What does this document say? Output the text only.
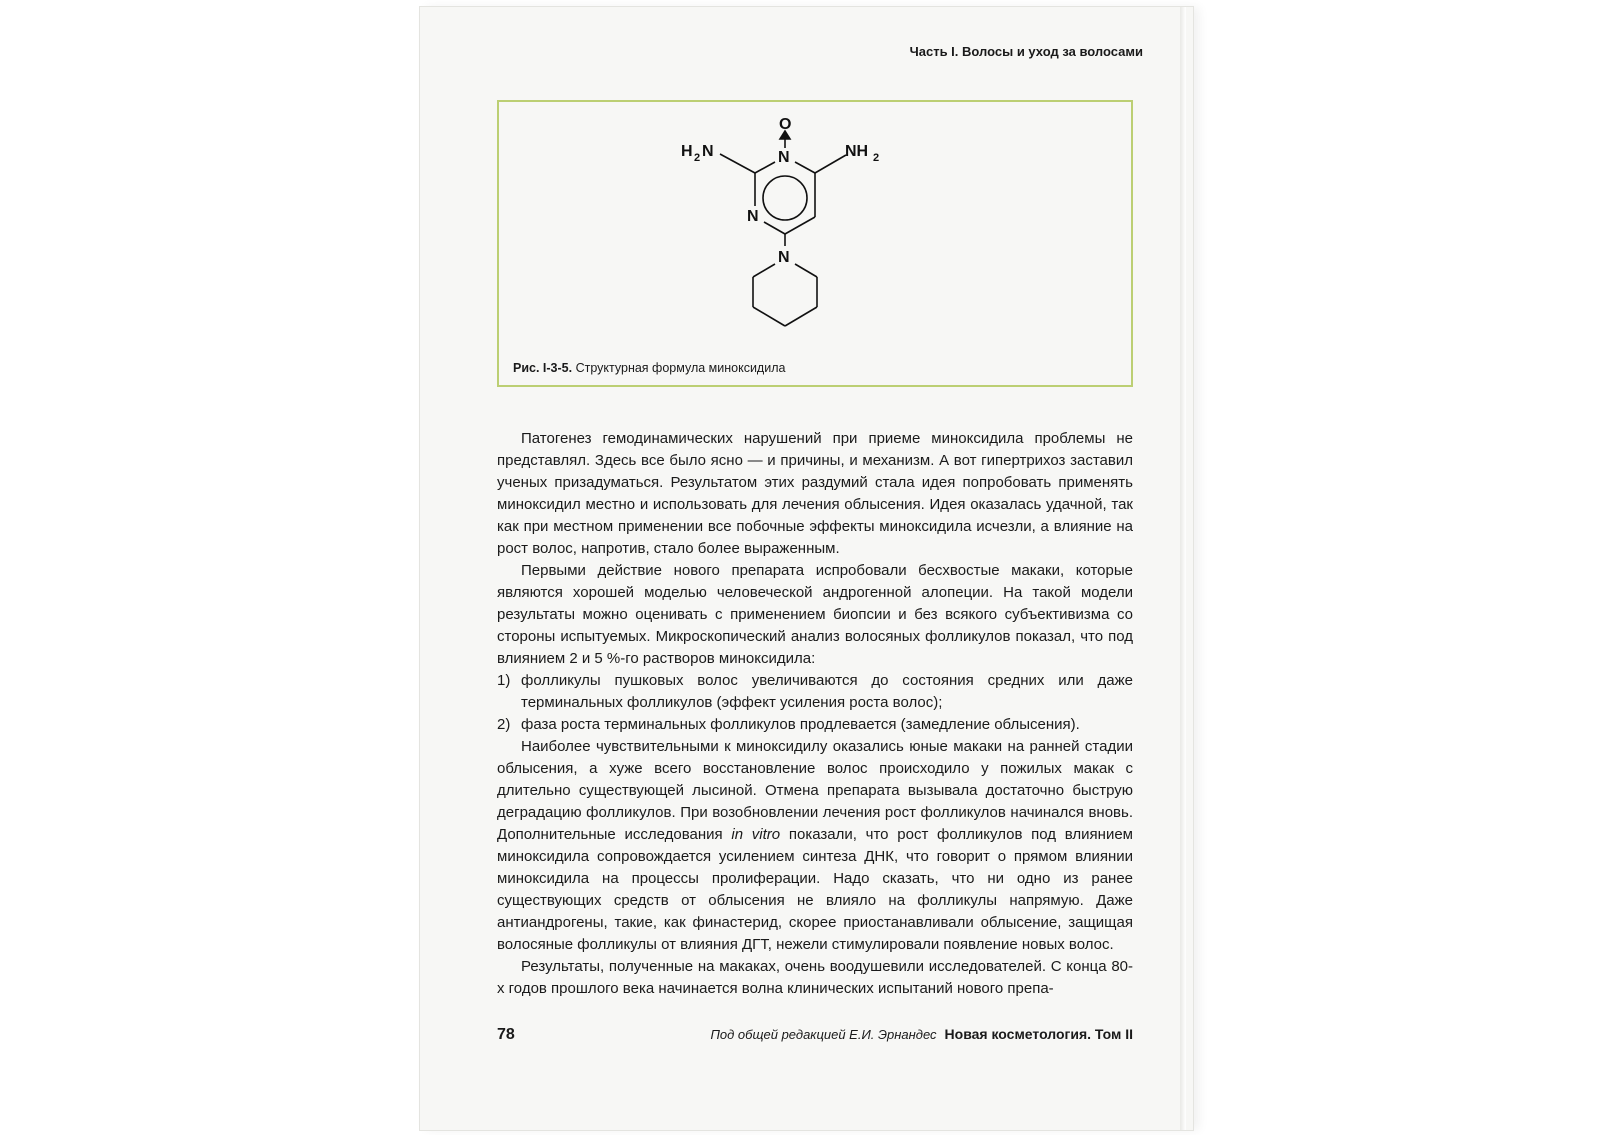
Часть I. Волосы и уход за волосами
O
N
N
N
H 2 N	NH 2
Рис. I-3-5. Структурная формула миноксидила

Патогенез гемодинамических нарушений при приеме миноксидила проблемы не представлял. Здесь все было ясно — и причины, и механизм. А вот гипертрихоз заставил ученых призадуматься. Результатом этих раздумий стала идея попробовать применять миноксидил местно и использовать для лечения облысения. Идея оказалась удачной, так как при местном применении все побочные эффекты миноксидила исчезли, а влияние на рост волос, напротив, стало более выраженным.

Первыми действие нового препарата испробовали бесхвостые макаки, которые являются хорошей моделью человеческой андрогенной алопеции. На такой модели результаты можно оценивать с применением биопсии и без всякого субъективизма со стороны испытуемых. Микроскопический анализ волосяных фолликулов показал, что под влиянием 2 и 5 %-го растворов миноксидила:

1) фолликулы пушковых волос увеличиваются до состояния средних или даже терминальных фолликулов (эффект усиления роста волос);
2) фаза роста терминальных фолликулов продлевается (замедление облысения).

Наиболее чувствительными к миноксидилу оказались юные макаки на ранней стадии облысения, а хуже всего восстановление волос происходило у пожилых макак с длительно существующей лысиной. Отмена препарата вызывала достаточно быструю деградацию фолликулов. При возобновлении лечения рост фолликулов начинался вновь. Дополнительные исследования in vitro показали, что рост фолликулов под влиянием миноксидила сопровождается усилением синтеза ДНК, что говорит о прямом влиянии миноксидила на процессы пролиферации. Надо сказать, что ни одно из ранее существующих средств от облысения не влияло на фолликулы напрямую. Даже антиандрогены, такие, как финастерид, скорее приостанавливали облысение, защищая волосяные фолликулы от влияния ДГТ, нежели стимулировали появление новых волос.

Результаты, полученные на макаках, очень воодушевили исследователей. С конца 80-х годов прошлого века начинается волна клинических испытаний нового препа-

78	Под общей редакцией Е.И. Эрнандес Новая косметология. Том II
